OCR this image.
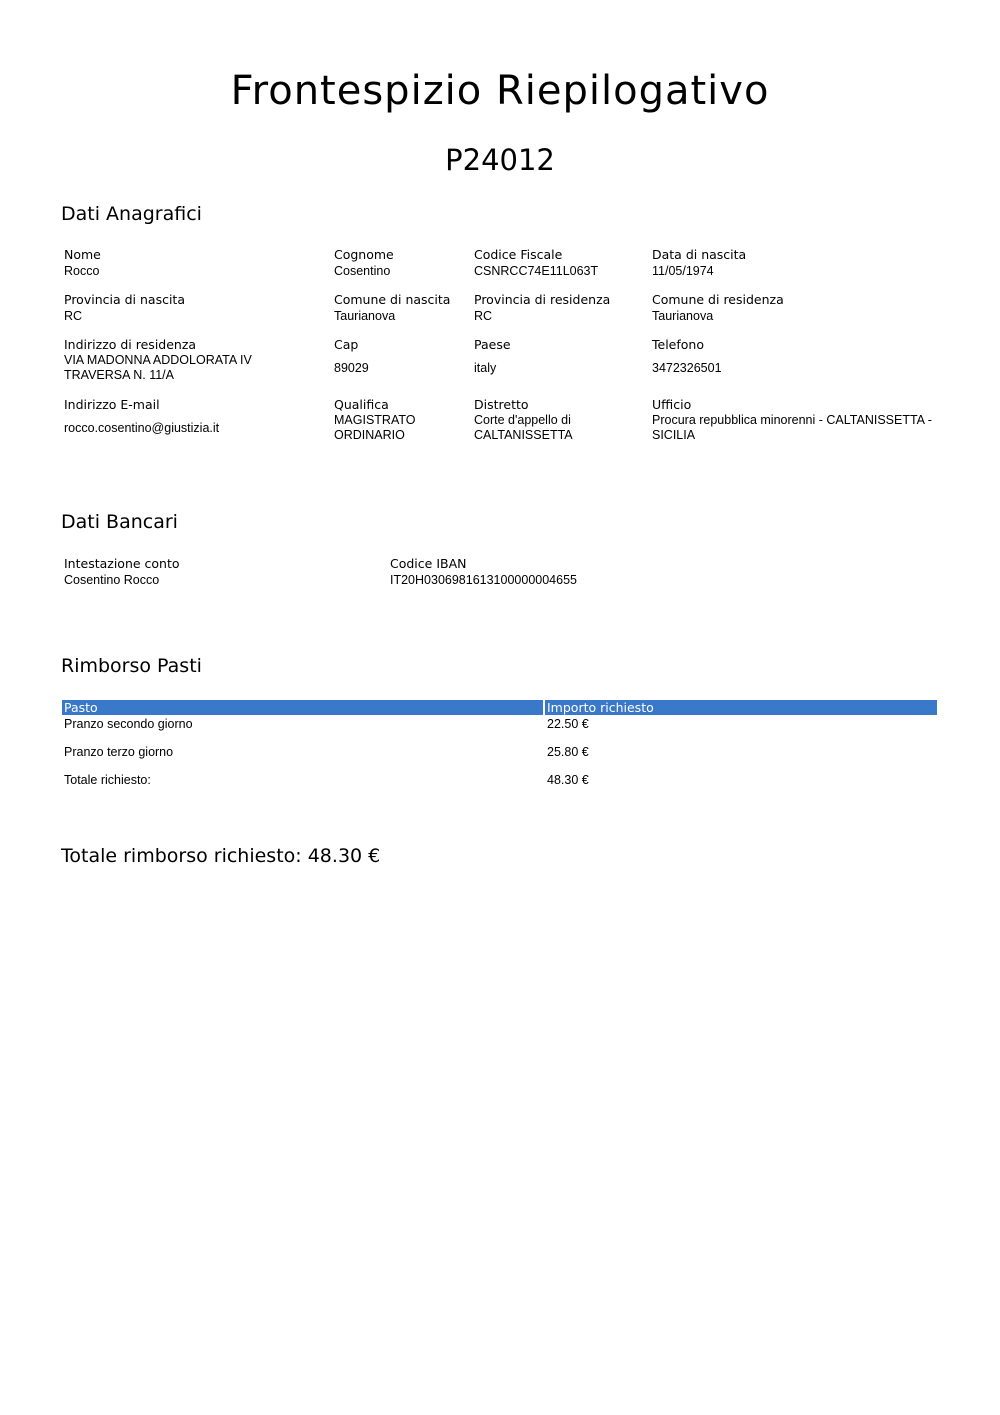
Frontespizio Riepilogativo
P24012
Dati Anagrafici
Nome
Rocco
Cognome
Cosentino
Codice Fiscale
CSNRCC74E11L063T
Data di nascita
11/05/1974
Provincia di nascita
RC
Comune di nascita
Taurianova
Provincia di residenza
RC
Comune di residenza
Taurianova
Indirizzo di residenza
VIA MADONNA ADDOLORATA IV TRAVERSA N. 11/A
Cap
89029
Paese
italy
Telefono
3472326501
Indirizzo E-mail
rocco.cosentino@giustizia.it
Qualifica
MAGISTRATO ORDINARIO
Distretto
Corte d'appello di CALTANISSETTA
Ufficio
Procura repubblica minorenni - CALTANISSETTA - SICILIA
Dati Bancari
Intestazione conto
Cosentino Rocco
Codice IBAN
IT20H0306981613100000004655
Rimborso Pasti
Pasto	Importo richiesto
Pranzo secondo giorno	22.50 €
Pranzo terzo giorno	25.80 €
Totale richiesto:	48.30 €
Totale rimborso richiesto: 48.30 €
